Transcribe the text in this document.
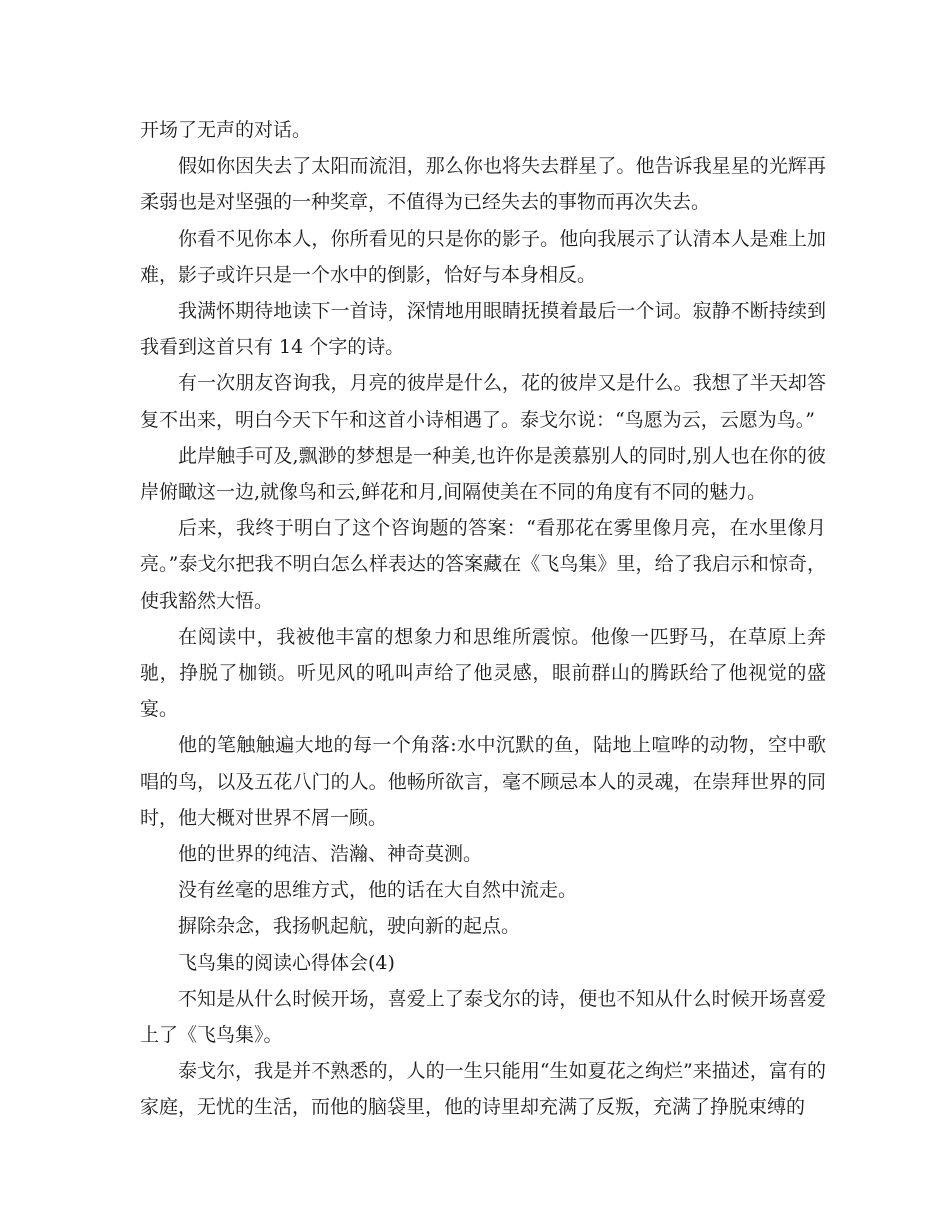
开场了无声的对话。

假如你因失去了太阳而流泪，那么你也将失去群星了。他告诉我星星的光辉再柔弱也是对坚强的一种奖章，不值得为已经失去的事物而再次失去。

你看不见你本人，你所看见的只是你的影子。他向我展示了认清本人是难上加难，影子或许只是一个水中的倒影，恰好与本身相反。

我满怀期待地读下一首诗，深情地用眼睛抚摸着最后一个词。寂静不断持续到我看到这首只有 14 个字的诗。

有一次朋友咨询我，月亮的彼岸是什么，花的彼岸又是什么。我想了半天却答复不出来，明白今天下午和这首小诗相遇了。泰戈尔说：“鸟愿为云，云愿为鸟。”

此岸触手可及,飘渺的梦想是一种美,也许你是羡慕别人的同时,别人也在你的彼岸俯瞰这一边,就像鸟和云,鲜花和月,间隔使美在不同的角度有不同的魅力。

后来，我终于明白了这个咨询题的答案：“看那花在雾里像月亮，在水里像月亮。”泰戈尔把我不明白怎么样表达的答案藏在《飞鸟集》里，给了我启示和惊奇，使我豁然大悟。

在阅读中，我被他丰富的想象力和思维所震惊。他像一匹野马，在草原上奔驰，挣脱了枷锁。听见风的吼叫声给了他灵感，眼前群山的腾跃给了他视觉的盛宴。

他的笔触触遍大地的每一个角落:水中沉默的鱼，陆地上喧哗的动物，空中歌唱的鸟，以及五花八门的人。他畅所欲言，毫不顾忌本人的灵魂，在崇拜世界的同时，他大概对世界不屑一顾。

他的世界的纯洁、浩瀚、神奇莫测。

没有丝毫的思维方式，他的话在大自然中流走。

摒除杂念，我扬帆起航，驶向新的起点。

飞鸟集的阅读心得体会(4)

不知是从什么时候开场，喜爱上了泰戈尔的诗，便也不知从什么时候开场喜爱上了《飞鸟集》。

泰戈尔，我是并不熟悉的，人的一生只能用“生如夏花之绚烂”来描述，富有的家庭，无忧的生活，而他的脑袋里，他的诗里却充满了反叛，充满了挣脱束缚的
